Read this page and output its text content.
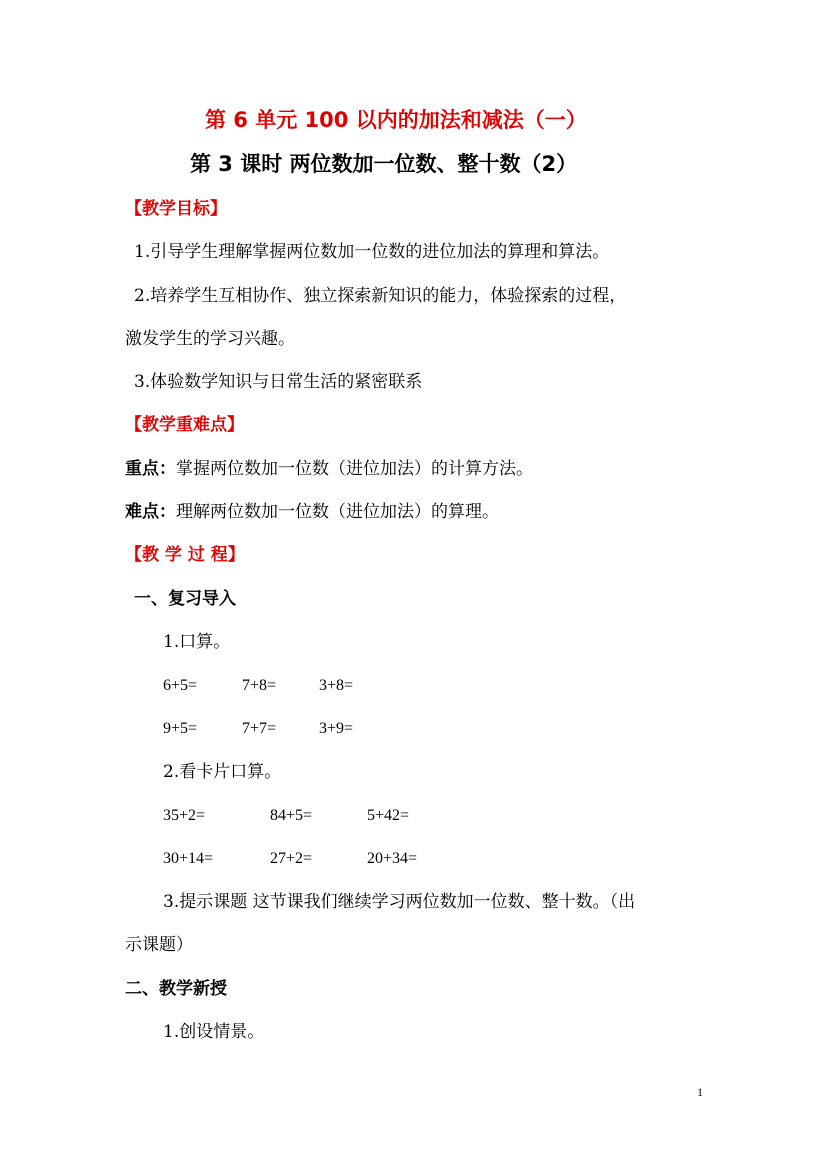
第 6 单元 100 以内的加法和减法（一）
第 3 课时 两位数加一位数、整十数（2）
【教学目标】
1.引导学生理解掌握两位数加一位数的进位加法的算理和算法。
2.培养学生互相协作、独立探索新知识的能力，体验探索的过程，
激发学生的学习兴趣。
3.体验数学知识与日常生活的紧密联系
【教学重难点】
重点：掌握两位数加一位数（进位加法）的计算方法。
难点：理解两位数加一位数（进位加法）的算理。
【教 学 过 程】
一、复习导入
1.口算。
6+5=	7+8=	3+8=
9+5=	7+7=	3+9=
2.看卡片口算。
35+2=	84+5=	5+42=
30+14=	27+2=	20+34=
3.提示课题 这节课我们继续学习两位数加一位数、整十数。（出
示课题）
二、教学新授
1.创设情景。
1
